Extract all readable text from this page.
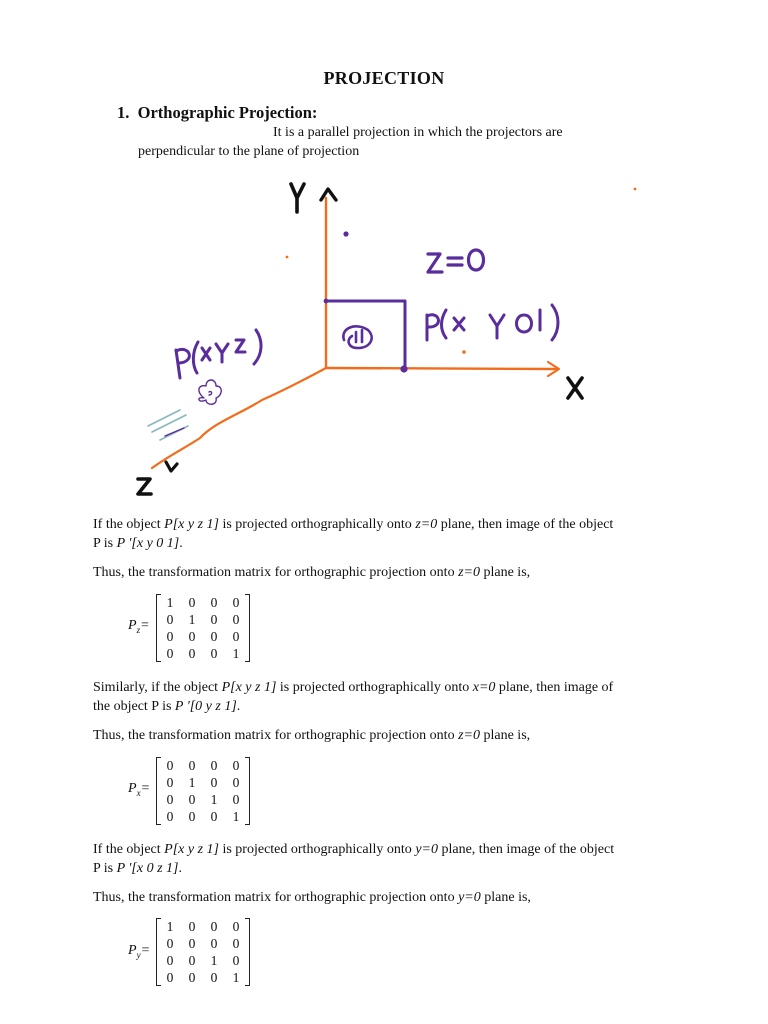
PROJECTION
1. Orthographic Projection:
It is a parallel projection in which the projectors are
perpendicular to the plane of projection
If the object P[x y z 1] is projected orthographically onto z=0 plane, then image of the object
P is P '[x y 0 1].
Thus, the transformation matrix for orthographic projection onto z=0 plane is,
$P_z=$
1	0	0	0
0	1	0	0
0	0	0	0
0	0	0	1
Similarly, if the object P[x y z 1] is projected orthographically onto x=0 plane, then image of
the object P is P '[0 y z 1].
Thus, the transformation matrix for orthographic projection onto z=0 plane is,
$P_x=$
0	0	0	0
0	1	0	0
0	0	1	0
0	0	0	1
If the object P[x y z 1] is projected orthographically onto y=0 plane, then image of the object
P is P '[x 0 z 1].
Thus, the transformation matrix for orthographic projection onto y=0 plane is,
$P_y=$
1	0	0	0
0	0	0	0
0	0	1	0
0	0	0	1
